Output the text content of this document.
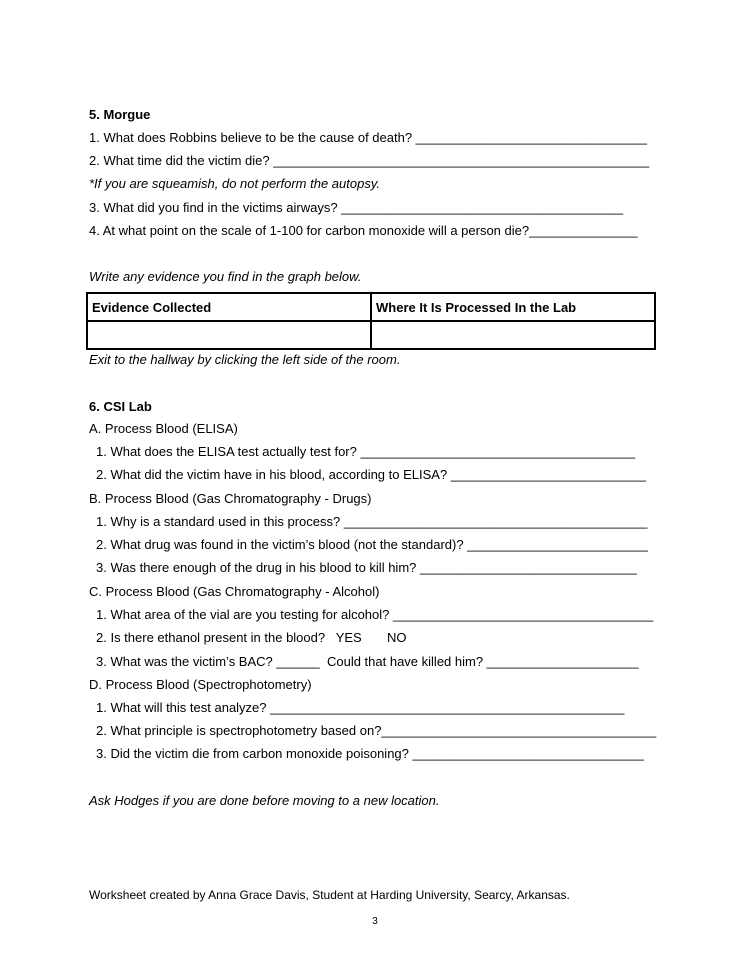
5. Morgue
1. What does Robbins believe to be the cause of death? ________________________________
2. What time did the victim die? ____________________________________________________
*If you are squeamish, do not perform the autopsy.
3. What did you find in the victims airways? _______________________________________
4. At what point on the scale of 1-100 for carbon monoxide will a person die?_______________
Write any evidence you find in the graph below.
Evidence Collected	Where It Is Processed In the Lab

Exit to the hallway by clicking the left side of the room.
6. CSI Lab
A. Process Blood (ELISA)
1. What does the ELISA test actually test for? ______________________________________
2. What did the victim have in his blood, according to ELISA? ___________________________
B. Process Blood (Gas Chromatography - Drugs)
1. Why is a standard used in this process? __________________________________________
2. What drug was found in the victim’s blood (not the standard)? _________________________
3. Was there enough of the drug in his blood to kill him? ______________________________
C. Process Blood (Gas Chromatography - Alcohol)
1. What area of the vial are you testing for alcohol? ____________________________________
2. Is there ethanol present in the blood?   YES       NO
3. What was the victim’s BAC? ______  Could that have killed him? _____________________
D. Process Blood (Spectrophotometry)
1. What will this test analyze? _________________________________________________
2. What principle is spectrophotometry based on?______________________________________
3. Did the victim die from carbon monoxide poisoning? ________________________________
Ask Hodges if you are done before moving to a new location.
Worksheet created by Anna Grace Davis, Student at Harding University, Searcy, Arkansas.
3
